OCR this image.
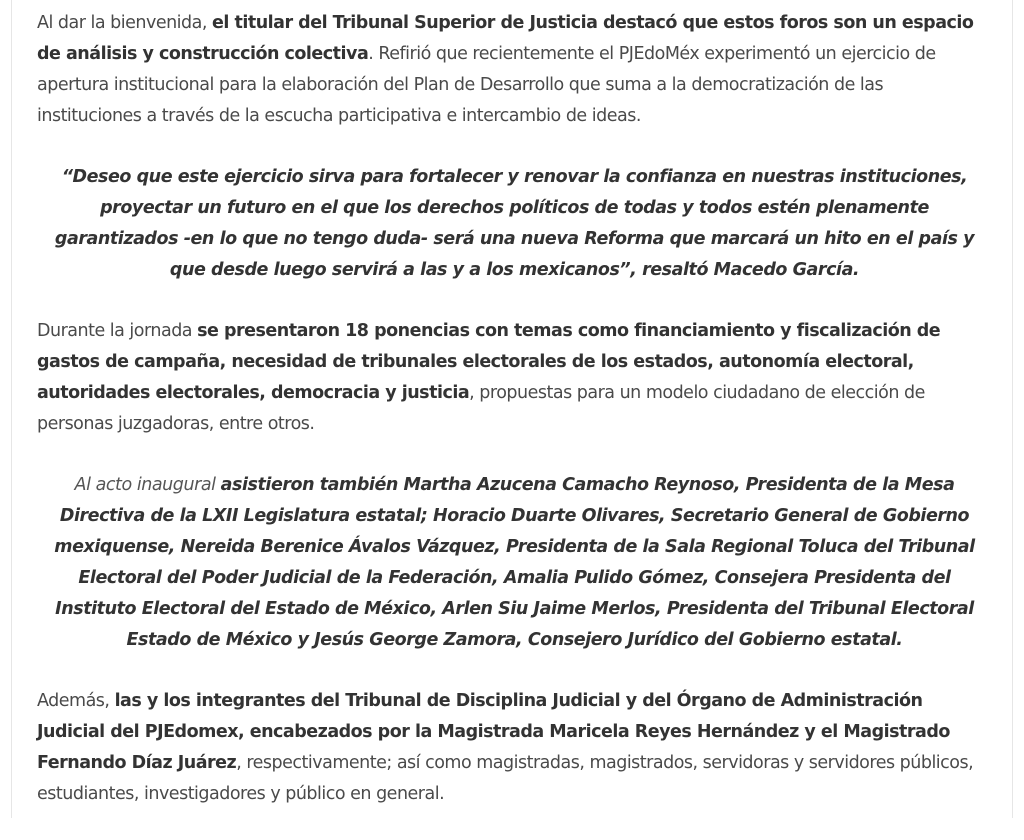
Al dar la bienvenida, el titular del Tribunal Superior de Justicia destacó que estos foros son un espacio de análisis y construcción colectiva. Refirió que recientemente el PJEdoMéx experimentó un ejercicio de apertura institucional para la elaboración del Plan de Desarrollo que suma a la democratización de las instituciones a través de la escucha participativa e intercambio de ideas.

“Deseo que este ejercicio sirva para fortalecer y renovar la confianza en nuestras instituciones, proyectar un futuro en el que los derechos políticos de todas y todos estén plenamente garantizados -en lo que no tengo duda- será una nueva Reforma que marcará un hito en el país y que desde luego servirá a las y a los mexicanos”, resaltó Macedo García.

Durante la jornada se presentaron 18 ponencias con temas como financiamiento y fiscalización de gastos de campaña, necesidad de tribunales electorales de los estados, autonomía electoral, autoridades electorales, democracia y justicia, propuestas para un modelo ciudadano de elección de personas juzgadoras, entre otros.

Al acto inaugural asistieron también Martha Azucena Camacho Reynoso, Presidenta de la Mesa Directiva de la LXII Legislatura estatal; Horacio Duarte Olivares, Secretario General de Gobierno mexiquense, Nereida Berenice Ávalos Vázquez, Presidenta de la Sala Regional Toluca del Tribunal Electoral del Poder Judicial de la Federación, Amalia Pulido Gómez, Consejera Presidenta del Instituto Electoral del Estado de México, Arlen Siu Jaime Merlos, Presidenta del Tribunal Electoral Estado de México y Jesús George Zamora, Consejero Jurídico del Gobierno estatal.

Además, las y los integrantes del Tribunal de Disciplina Judicial y del Órgano de Administración Judicial del PJEdomex, encabezados por la Magistrada Maricela Reyes Hernández y el Magistrado Fernando Díaz Juárez, respectivamente; así como magistradas, magistrados, servidoras y servidores públicos, estudiantes, investigadores y público en general.
